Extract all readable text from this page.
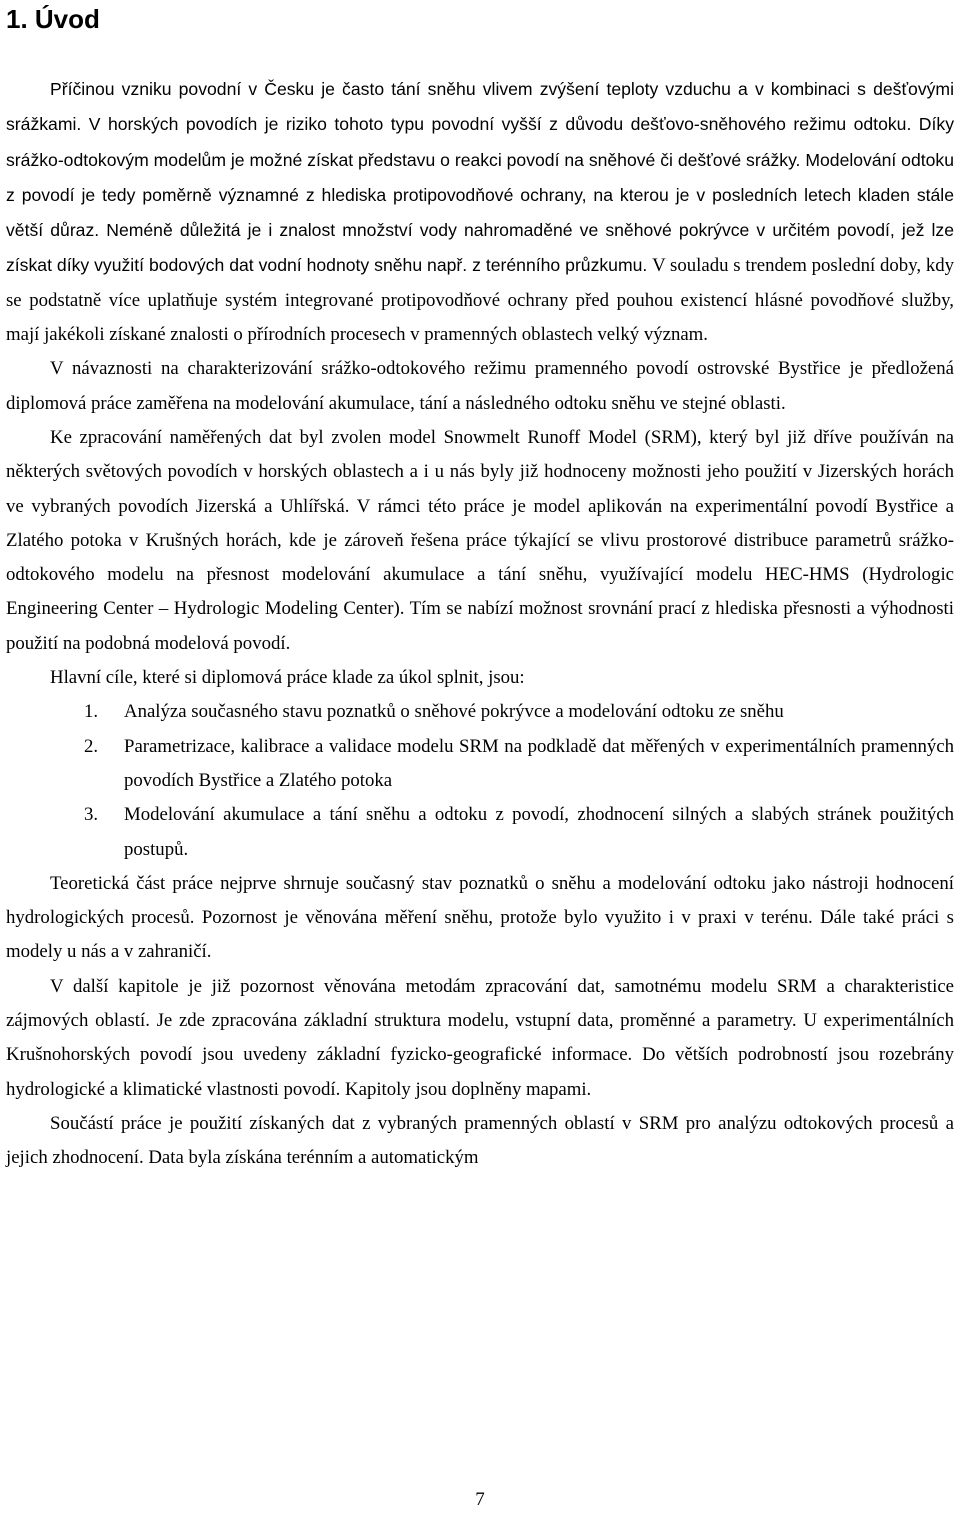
1. Úvod

Příčinou vzniku povodní v Česku je často tání sněhu vlivem zvýšení teploty vzduchu a v kombinaci s dešťovými srážkami. V horských povodích je riziko tohoto typu povodní vyšší z důvodu dešťovo-sněhového režimu odtoku. Díky srážko-odtokovým modelům je možné získat představu o reakci povodí na sněhové či dešťové srážky. Modelování odtoku z povodí je tedy poměrně významné z hlediska protipovodňové ochrany, na kterou je v posledních letech kladen stále větší důraz. Neméně důležitá je i znalost množství vody nahromaděné ve sněhové pokrývce v určitém povodí, jež lze získat díky využití bodových dat vodní hodnoty sněhu např. z terénního průzkumu. V souladu s trendem poslední doby, kdy se podstatně více uplatňuje systém integrované protipovodňové ochrany před pouhou existencí hlásné povodňové služby, mají jakékoli získané znalosti o přírodních procesech v pramenných oblastech velký význam.

V návaznosti na charakterizování srážko-odtokového režimu pramenného povodí ostrovské Bystřice je předložená diplomová práce zaměřena na modelování akumulace, tání a následného odtoku sněhu ve stejné oblasti.

Ke zpracování naměřených dat byl zvolen model Snowmelt Runoff Model (SRM), který byl již dříve používán na některých světových povodích v horských oblastech a i u nás byly již hodnoceny možnosti jeho použití v Jizerských horách ve vybraných povodích Jizerská a Uhlířská. V rámci této práce je model aplikován na experimentální povodí Bystřice a Zlatého potoka v Krušných horách, kde je zároveň řešena práce týkající se vlivu prostorové distribuce parametrů srážko-odtokového modelu na přesnost modelování akumulace a tání sněhu, využívající modelu HEC-HMS (Hydrologic Engineering Center – Hydrologic Modeling Center). Tím se nabízí možnost srovnání prací z hlediska přesnosti a výhodnosti použití na podobná modelová povodí.

Hlavní cíle, které si diplomová práce klade za úkol splnit, jsou:

1. Analýza současného stavu poznatků o sněhové pokrývce a modelování odtoku ze sněhu
2. Parametrizace, kalibrace a validace modelu SRM na podkladě dat měřených v experimentálních pramenných povodích Bystřice a Zlatého potoka
3. Modelování akumulace a tání sněhu a odtoku z povodí, zhodnocení silných a slabých stránek použitých postupů.

Teoretická část práce nejprve shrnuje současný stav poznatků o sněhu a modelování odtoku jako nástroji hodnocení hydrologických procesů. Pozornost je věnována měření sněhu, protože bylo využito i v praxi v terénu. Dále také práci s modely u nás a v zahraničí.

V další kapitole je již pozornost věnována metodám zpracování dat, samotnému modelu SRM a charakteristice zájmových oblastí. Je zde zpracována základní struktura modelu, vstupní data, proměnné a parametry. U experimentálních Krušnohorských povodí jsou uvedeny základní fyzicko-geografické informace. Do větších podrobností jsou rozebrány hydrologické a klimatické vlastnosti povodí. Kapitoly jsou doplněny mapami.

Součástí práce je použití získaných dat z vybraných pramenných oblastí v SRM pro analýzu odtokových procesů a jejich zhodnocení. Data byla získána terénním a automatickým

7
